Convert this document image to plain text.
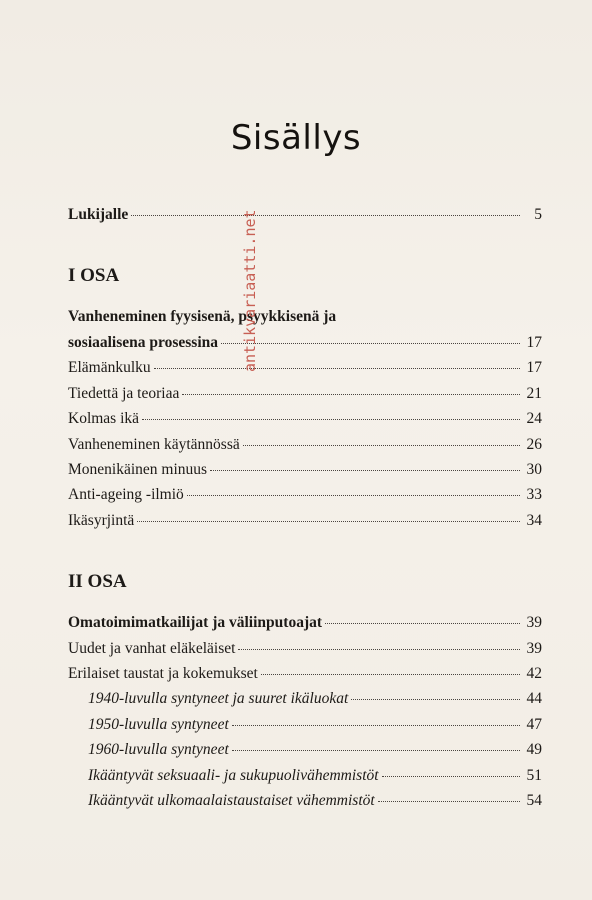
Sisällys
Lukijalle	5
I OSA
Vanheneminen fyysisenä, psyykkisenä ja
sosiaalisena prosessina	17
Elämänkulku	17
Tiedettä ja teoriaa	21
Kolmas ikä	24
Vanheneminen käytännössä	26
Monenikäinen minuus	30
Anti-ageing -ilmiö	33
Ikäsyrjintä	34
II OSA
Omatoimimatkailijat ja väliinputoajat	39
Uudet ja vanhat eläkeläiset	39
Erilaiset taustat ja kokemukset	42
1940-luvulla syntyneet ja suuret ikäluokat	44
1950-luvulla syntyneet	47
1960-luvulla syntyneet	49
Ikääntyvät seksuaali- ja sukupuolivähemmistöt	51
Ikääntyvät ulkomaalaistaustaiset vähemmistöt	54
antikvariaatti.net
